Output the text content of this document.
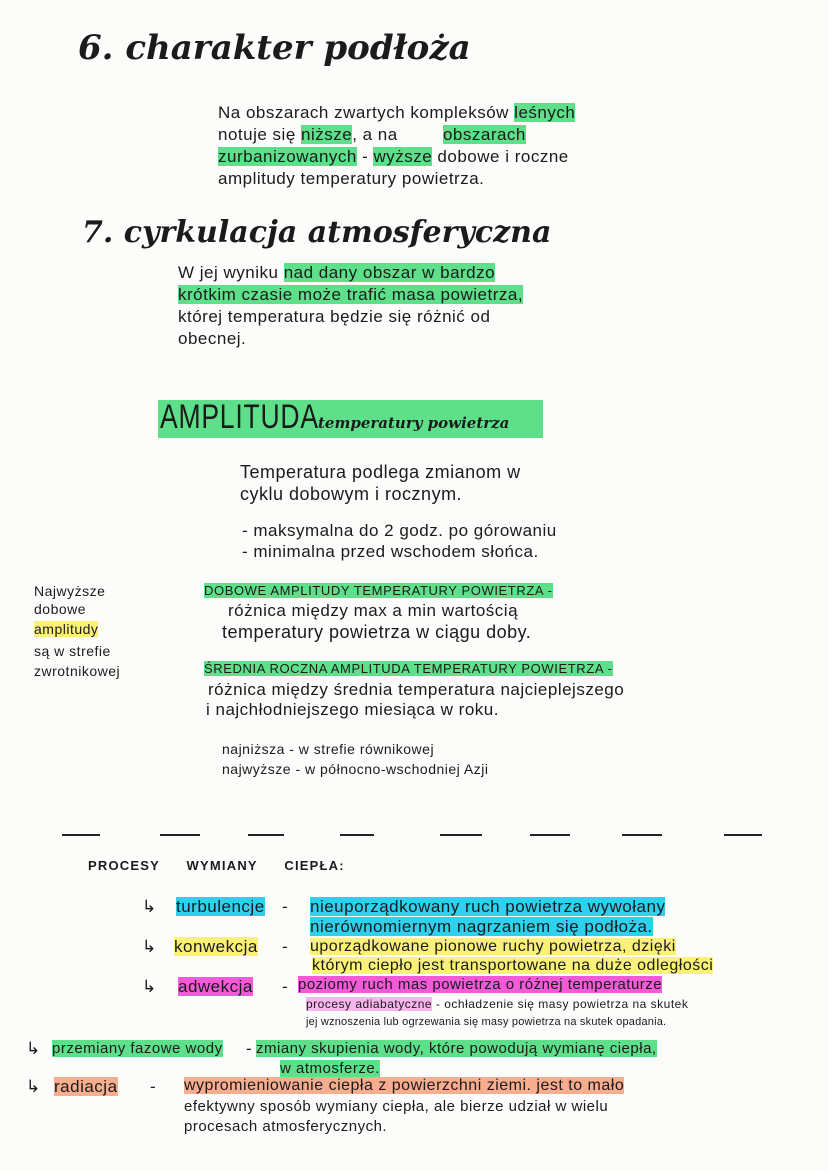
6. charakter podłoża
Na obszarach zwartych kompleksów leśnych
notuje się niższe, a na obszarach
zurbanizowanych - wyższe dobowe i roczne
amplitudy temperatury powietrza.
7. cyrkulacja atmosferyczna
W jej wyniku nad dany obszar w bardzo
krótkim czasie może trafić masa powietrza,
której temperatura będzie się różnić od
obecnej.
AMPLITUDA temperatury powietrza
Temperatura podlega zmianom w
cyklu dobowym i rocznym.
- maksymalna do 2 godz. po górowaniu
- minimalna przed wschodem słońca.
Najwyższe
dobowe
amplitudy
są w strefie
zwrotnikowej
DOBOWE AMPLITUDY TEMPERATURY POWIETRZA -
różnica między max a min wartością
temperatury powietrza w ciągu doby.
ŚREDNIA ROCZNA AMPLITUDA TEMPERATURY POWIETRZA -
różnica między średnia temperatura najcieplejszego
i najchłodniejszego miesiąca w roku.
najniższa - w strefie równikowej
najwyższe - w północno-wschodniej Azji
PROCESY WYMIANY CIEPŁA:
↳ turbulencje - nieuporządkowany ruch powietrza wywołany
nierównomiernym nagrzaniem się podłoża.
↳ konwekcja - uporządkowane pionowe ruchy powietrza, dzięki
którym ciepło jest transportowane na duże odległości
↳ adwekcja - poziomy ruch mas powietrza o różnej temperaturze
procesy adiabatyczne - ochładzenie się masy powietrza na skutek
jej wznoszenia lub ogrzewania się masy powietrza na skutek opadania.
↳ przemiany fazowe wody - zmiany skupienia wody, które powodują wymianę ciepła,
w atmosferze.
↳ radiacja - wypromieniowanie ciepła z powierzchni ziemi. jest to mało
efektywny sposób wymiany ciepła, ale bierze udział w wielu
procesach atmosferycznych.
